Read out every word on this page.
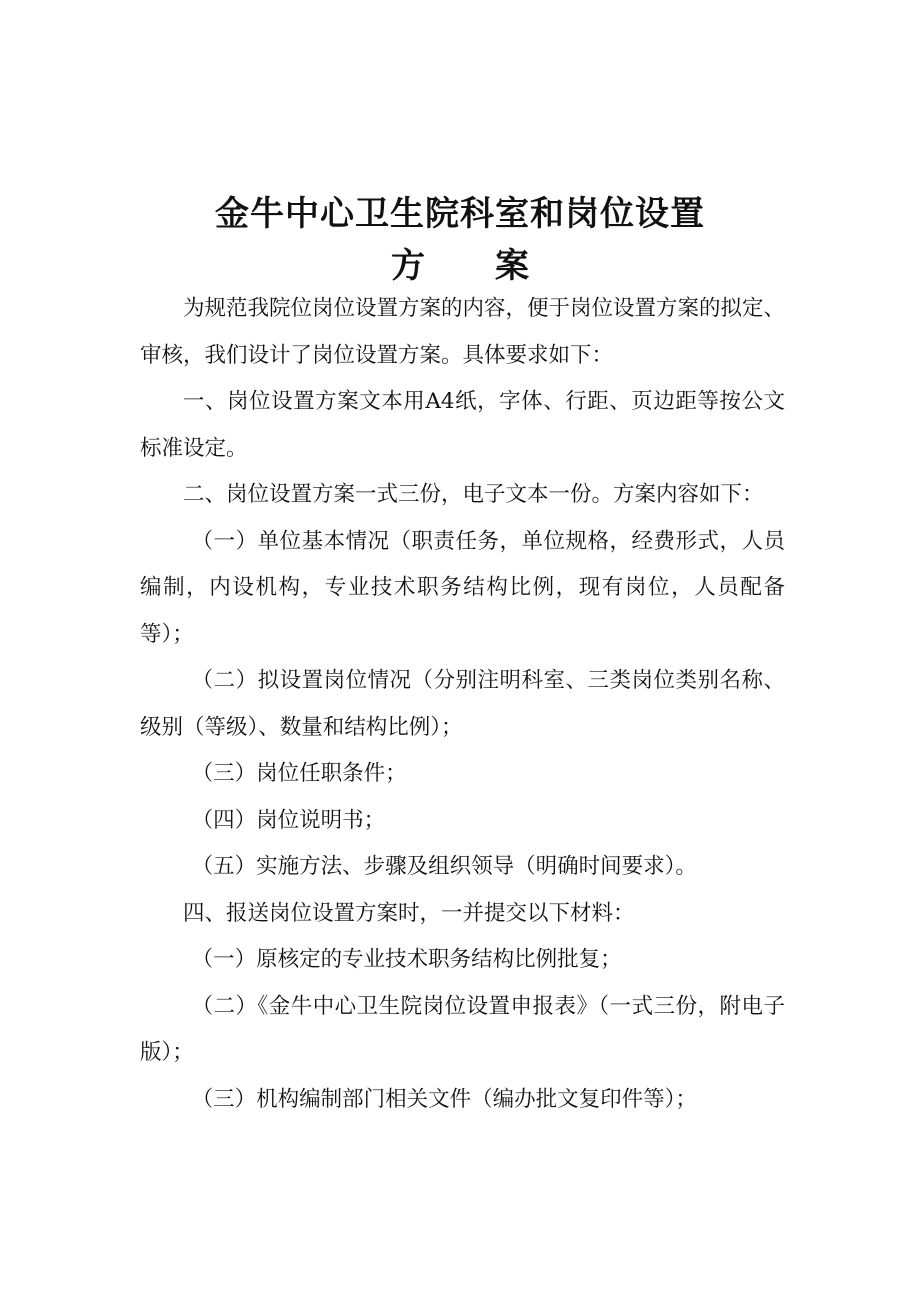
金牛中心卫生院科室和岗位设置
方 案

为规范我院位岗位设置方案的内容，便于岗位设置方案的拟定、审核，我们设计了岗位设置方案。具体要求如下：

一、岗位设置方案文本用A4纸，字体、行距、页边距等按公文标准设定。

二、岗位设置方案一式三份，电子文本一份。方案内容如下：

（一）单位基本情况（职责任务，单位规格，经费形式，人员编制，内设机构，专业技术职务结构比例，现有岗位，人员配备等）；

（二）拟设置岗位情况（分别注明科室、三类岗位类别名称、级别（等级）、数量和结构比例）；

（三）岗位任职条件；

（四）岗位说明书；

（五）实施方法、步骤及组织领导（明确时间要求）。

四、报送岗位设置方案时，一并提交以下材料：

（一）原核定的专业技术职务结构比例批复；

（二）《金牛中心卫生院岗位设置申报表》（一式三份，附电子版）；

（三）机构编制部门相关文件（编办批文复印件等）；
